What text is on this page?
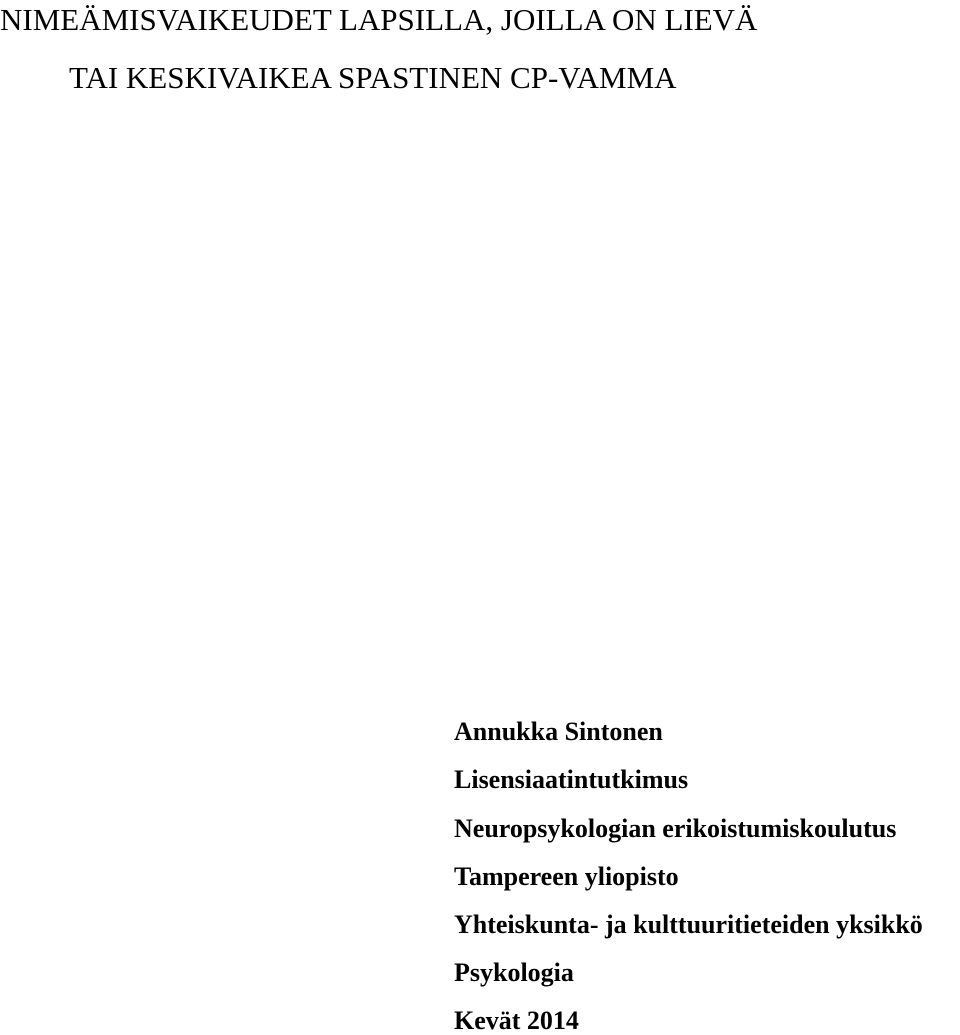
NIMEÄMISVAIKEUDET LAPSILLA, JOILLA ON LIEVÄ
TAI KESKIVAIKEA SPASTINEN CP-VAMMA

Annukka Sintonen

Lisensiaatintutkimus

Neuropsykologian erikoistumiskoulutus

Tampereen yliopisto

Yhteiskunta- ja kulttuuritieteiden yksikkö

Psykologia

Kevät 2014
